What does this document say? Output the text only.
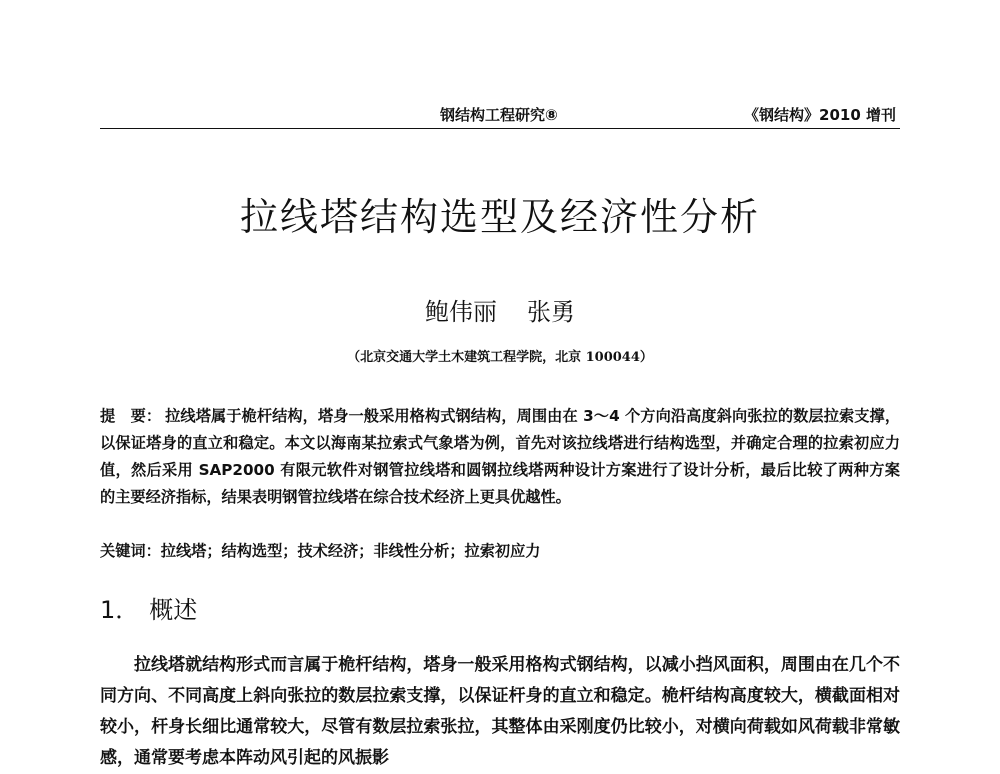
钢结构工程研究⑧	《钢结构》2010 增刊
拉线塔结构选型及经济性分析
鲍伟丽 张勇
（北京交通大学土木建筑工程学院，北京 100044）
提　要： 拉线塔属于桅杆结构，塔身一般采用格构式钢结构，周围由在 3～4 个方向沿高度斜向张拉的数层拉索支撑，以保证塔身的直立和稳定。本文以海南某拉索式气象塔为例，首先对该拉线塔进行结构选型，并确定合理的拉索初应力值，然后采用 SAP2000 有限元软件对钢管拉线塔和圆钢拉线塔两种设计方案进行了设计分析，最后比较了两种方案的主要经济指标，结果表明钢管拉线塔在综合技术经济上更具优越性。
关键词：拉线塔 ； 结构选型 ； 技术经济 ； 非线性分析 ； 拉索初应力
1． 概述
拉线塔就结构形式而言属于桅杆结构，塔身一般采用格构式钢结构，以减小挡风面积，周围由在几个不同方向、不同高度上斜向张拉的数层拉索支撑，以保证杆身的直立和稳定。桅杆结构高度较大，横截面相对较小，杆身长细比通常较大，尽管有数层拉索张拉，其整体由采刚度仍比较小，对横向荷载如风荷载非常敏感，通常要考虑本阵动风引起的风振影
